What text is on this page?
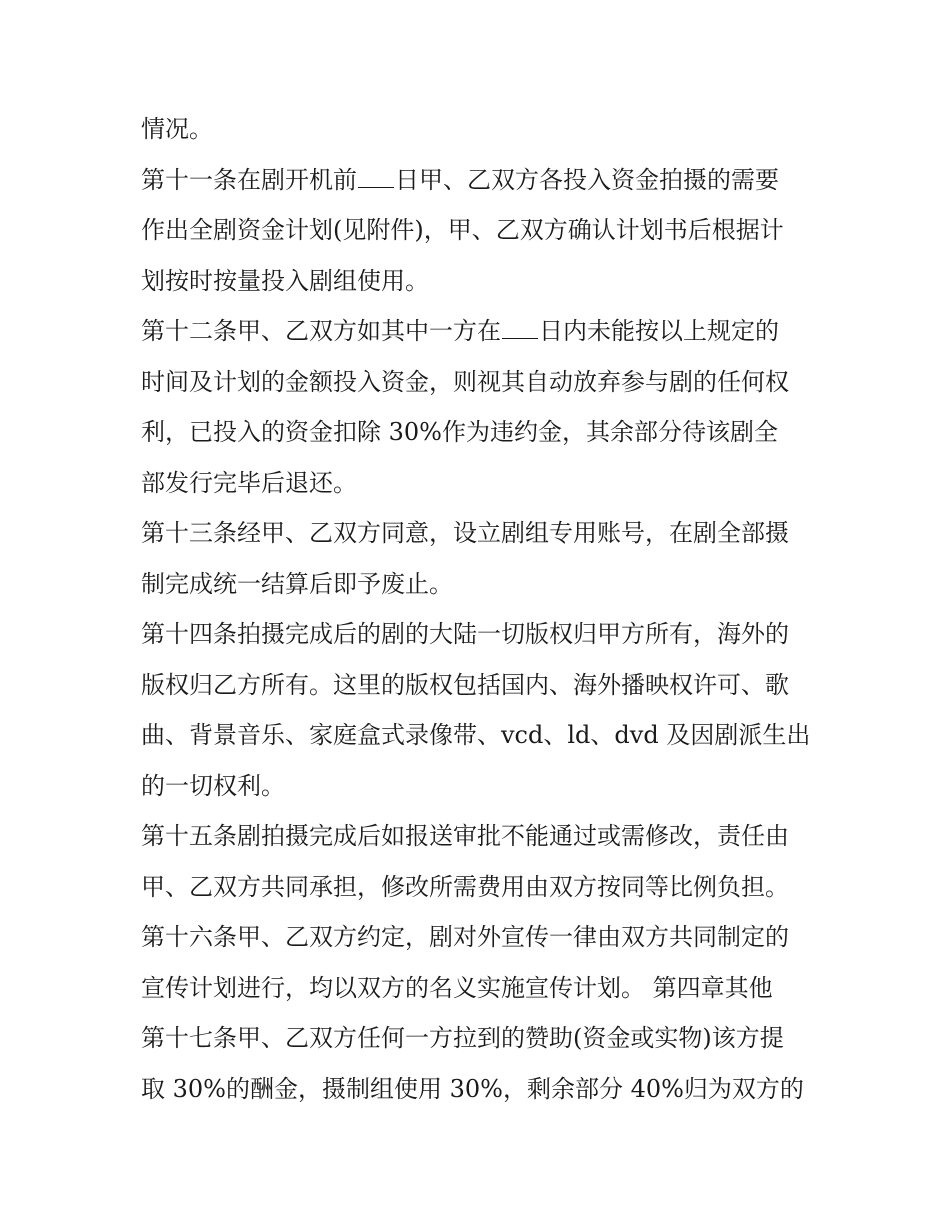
情况。
第十一条在剧开机前 日甲、乙双方各投入资金拍摄的需要
作出全剧资金计划(见附件)，甲、乙双方确认计划书后根据计
划按时按量投入剧组使用。
第十二条甲、乙双方如其中一方在 日内未能按以上规定的
时间及计划的金额投入资金，则视其自动放弃参与剧的任何权
利，已投入的资金扣除 30%作为违约金，其余部分待该剧全
部发行完毕后退还。
第十三条经甲、乙双方同意，设立剧组专用账号，在剧全部摄
制完成统一结算后即予废止。
第十四条拍摄完成后的剧的大陆一切版权归甲方所有，海外的
版权归乙方所有。这里的版权包括国内、海外播映权许可、歌
曲、背景音乐、家庭盒式录像带、vcd、ld、dvd 及因剧派生出
的一切权利。
第十五条剧拍摄完成后如报送审批不能通过或需修改，责任由
甲、乙双方共同承担，修改所需费用由双方按同等比例负担。
第十六条甲、乙双方约定，剧对外宣传一律由双方共同制定的
宣传计划进行，均以双方的名义实施宣传计划。 第四章其他
第十七条甲、乙双方任何一方拉到的赞助(资金或实物)该方提
取 30%的酬金，摄制组使用 30%，剩余部分 40%归为双方的
